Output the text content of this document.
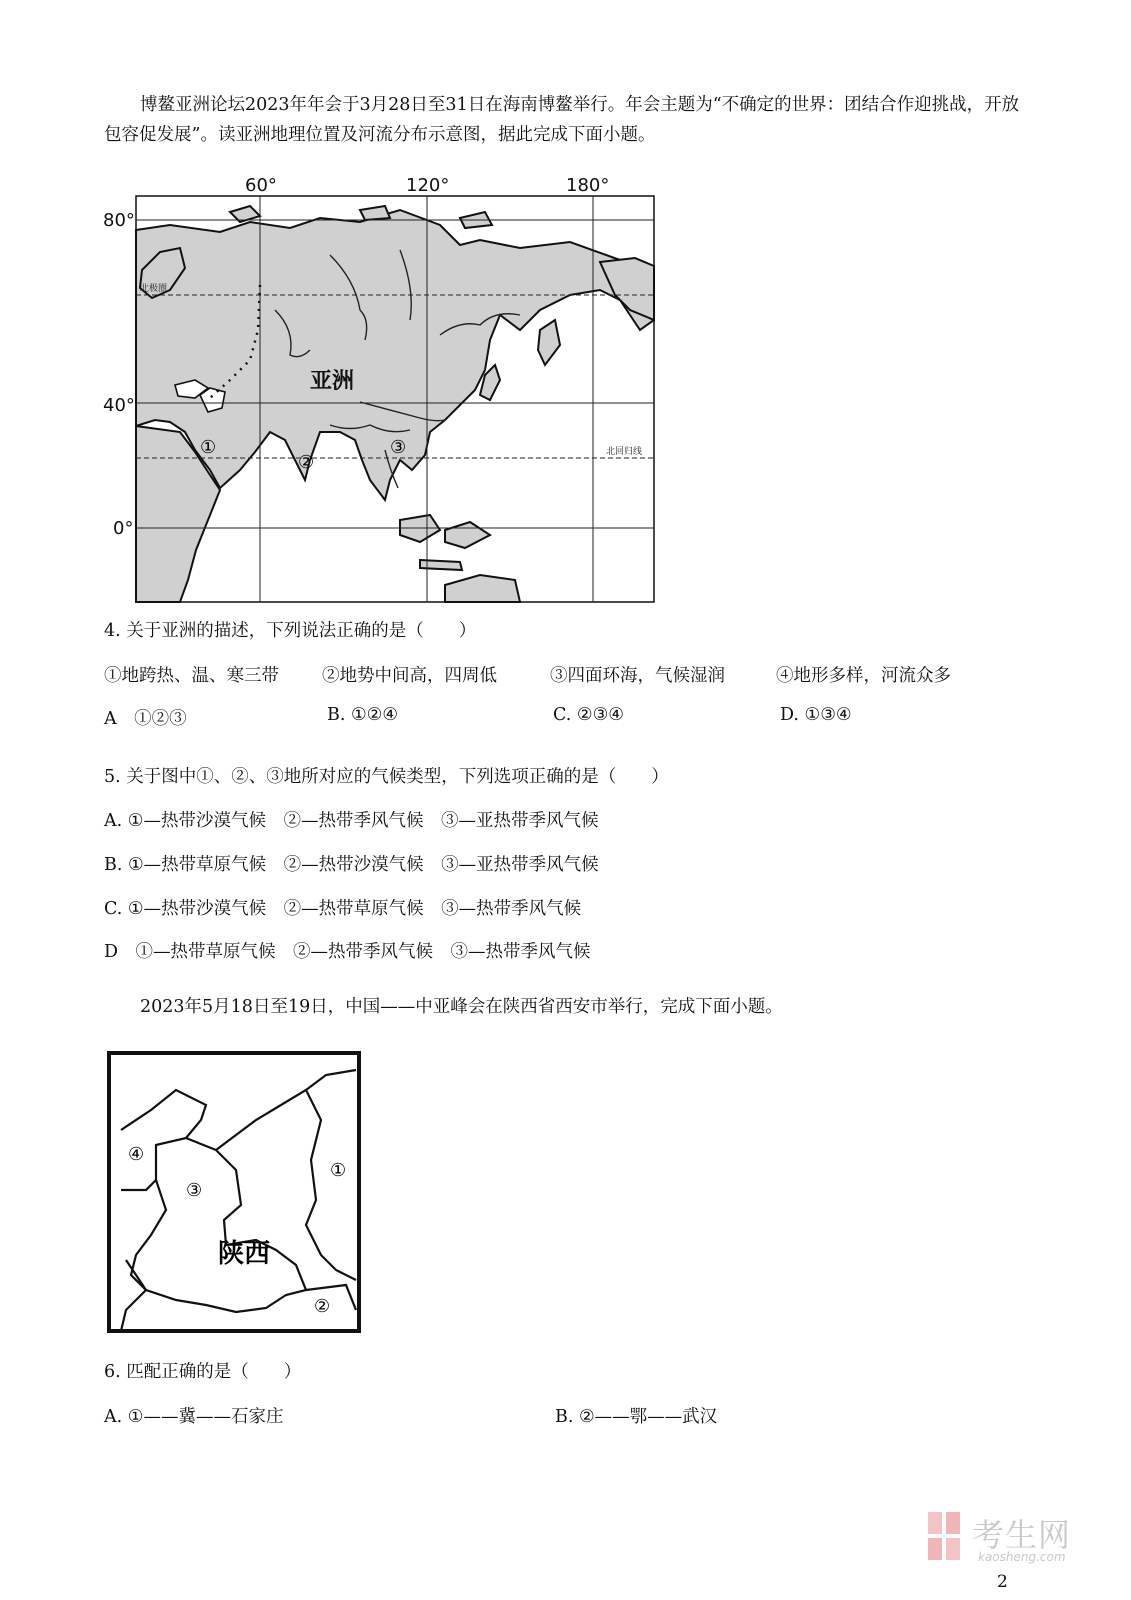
博鳌亚洲论坛2023年年会于3月28日至31日在海南博鳌举行。年会主题为“不确定的世界：团结合作迎挑战，开放包容促发展”。读亚洲地理位置及河流分布示意图，据此完成下面小题。
60°	120°	180°
80°
40°
0°
北极圈
北回归线
亚洲
①
②
③
4. 关于亚洲的描述，下列说法正确的是（　　）
①地跨热、温、寒三带 ②地势中间高，四周低	③四面环海，气候湿润	④地形多样，河流众多
A　①②③	B. ①②④	C. ②③④	D. ①③④
5. 关于图中①、②、③地所对应的气候类型，下列选项正确的是（　　）
A. ①—热带沙漠气候　②—热带季风气候　③—亚热带季风气候
B. ①—热带草原气候　②—热带沙漠气候　③—亚热带季风气候
C. ①—热带沙漠气候　②—热带草原气候　③—热带季风气候
D　①—热带草原气候　②—热带季风气候　③—热带季风气候
2023年5月18日至19日，中国——中亚峰会在陕西省西安市举行，完成下面小题。
④
③
①
②
陕西
6. 匹配正确的是（　　）
A. ①——冀——石家庄	B. ②——鄂——武汉
考生网
kaosheng.com
2
